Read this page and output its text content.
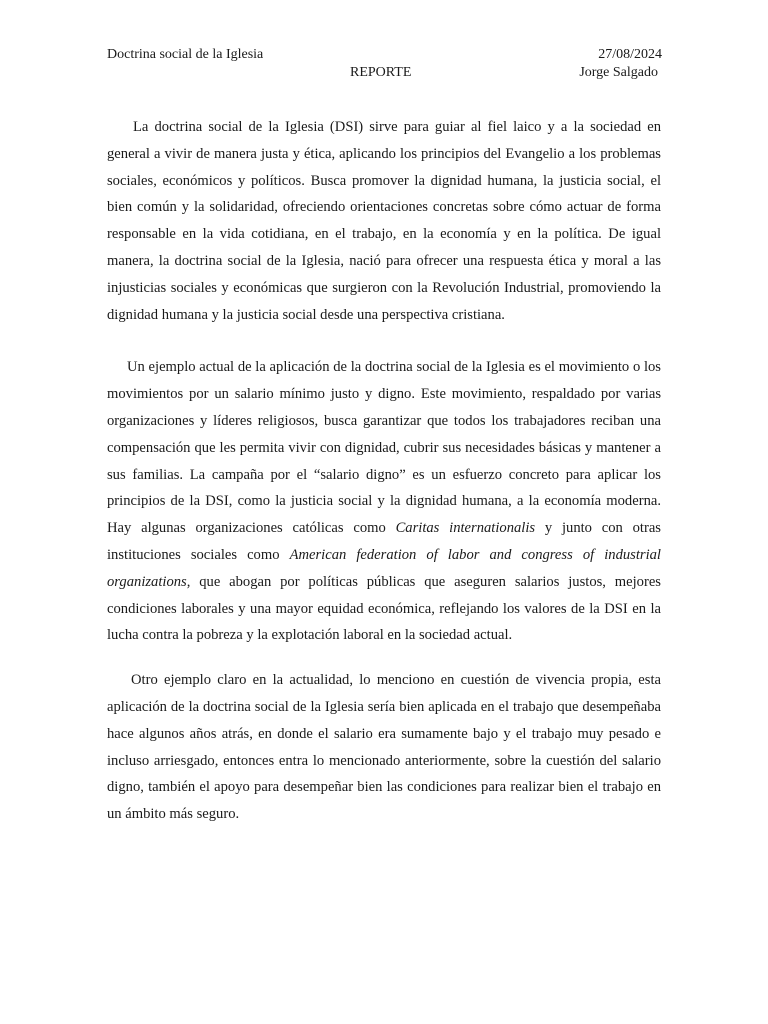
Doctrina social de la Iglesia	27/08/2024
REPORTE	Jorge Salgado

La doctrina social de la Iglesia (DSI) sirve para guiar al fiel laico y a la sociedad en general a vivir de manera justa y ética, aplicando los principios del Evangelio a los problemas sociales, económicos y políticos. Busca promover la dignidad humana, la justicia social, el bien común y la solidaridad, ofreciendo orientaciones concretas sobre cómo actuar de forma responsable en la vida cotidiana, en el trabajo, en la economía y en la política. De igual manera, la doctrina social de la Iglesia, nació para ofrecer una respuesta ética y moral a las injusticias sociales y económicas que surgieron con la Revolución Industrial, promoviendo la dignidad humana y la justicia social desde una perspectiva cristiana.

Un ejemplo actual de la aplicación de la doctrina social de la Iglesia es el movimiento o los movimientos por un salario mínimo justo y digno. Este movimiento, respaldado por varias organizaciones y líderes religiosos, busca garantizar que todos los trabajadores reciban una compensación que les permita vivir con dignidad, cubrir sus necesidades básicas y mantener a sus familias. La campaña por el “salario digno” es un esfuerzo concreto para aplicar los principios de la DSI, como la justicia social y la dignidad humana, a la economía moderna. Hay algunas organizaciones católicas como Caritas internationalis y junto con otras instituciones sociales como American federation of labor and congress of industrial organizations, que abogan por políticas públicas que aseguren salarios justos, mejores condiciones laborales y una mayor equidad económica, reflejando los valores de la DSI en la lucha contra la pobreza y la explotación laboral en la sociedad actual.

Otro ejemplo claro en la actualidad, lo menciono en cuestión de vivencia propia, esta aplicación de la doctrina social de la Iglesia sería bien aplicada en el trabajo que desempeñaba hace algunos años atrás, en donde el salario era sumamente bajo y el trabajo muy pesado e incluso arriesgado, entonces entra lo mencionado anteriormente, sobre la cuestión del salario digno, también el apoyo para desempeñar bien las condiciones para realizar bien el trabajo en un ámbito más seguro.
